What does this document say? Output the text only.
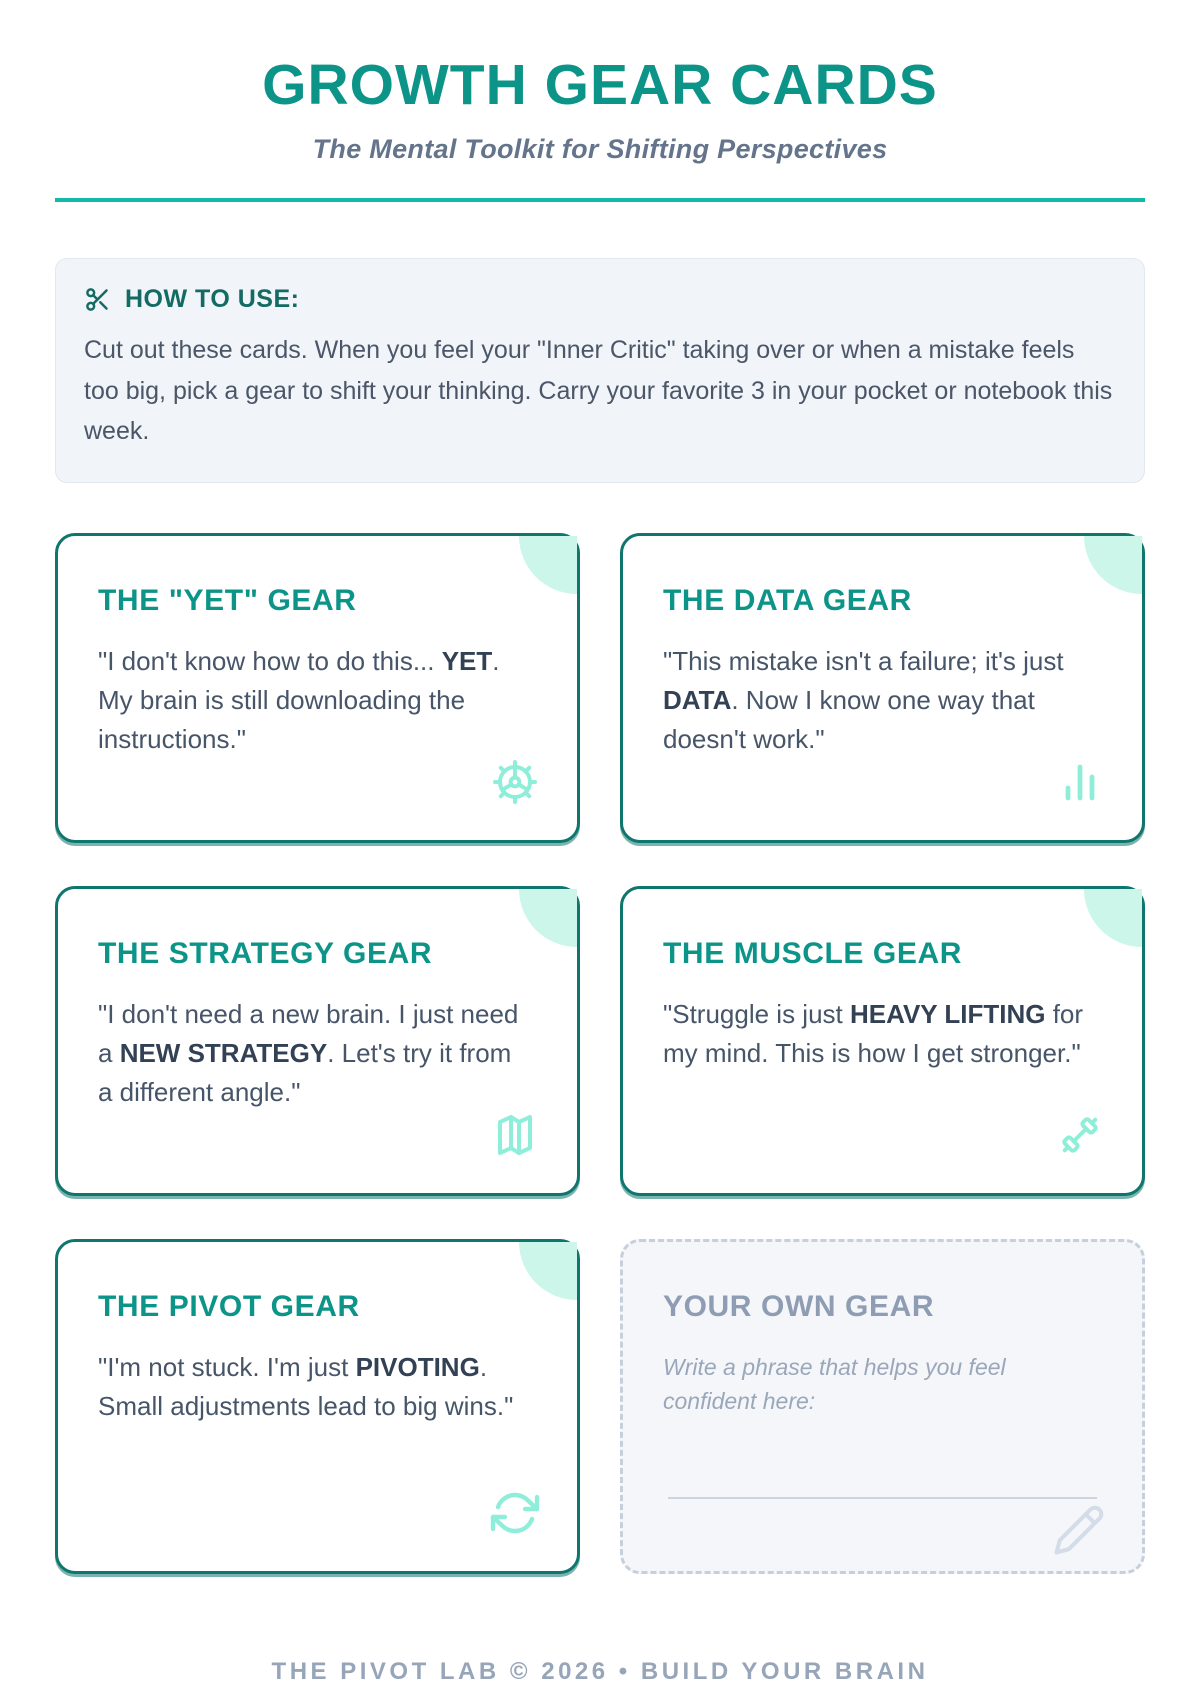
GROWTH GEAR CARDS
The Mental Toolkit for Shifting Perspectives
HOW TO USE:

Cut out these cards. When you feel your "Inner Critic" taking over or when a mistake feels too big, pick a gear to shift your thinking. Carry your favorite 3 in your pocket or notebook this week.

THE "YET" GEAR

"I don't know how to do this... YET. My brain is still downloading the instructions."

THE DATA GEAR

"This mistake isn't a failure; it's just DATA. Now I know one way that doesn't work."

THE STRATEGY GEAR

"I don't need a new brain. I just need a NEW STRATEGY. Let's try it from a different angle."

THE MUSCLE GEAR

"Struggle is just HEAVY LIFTING for my mind. This is how I get stronger."

THE PIVOT GEAR

"I'm not stuck. I'm just PIVOTING. Small adjustments lead to big wins."

YOUR OWN GEAR

Write a phrase that helps you feel confident here:

THE PIVOT LAB © 2026 • BUILD YOUR BRAIN
